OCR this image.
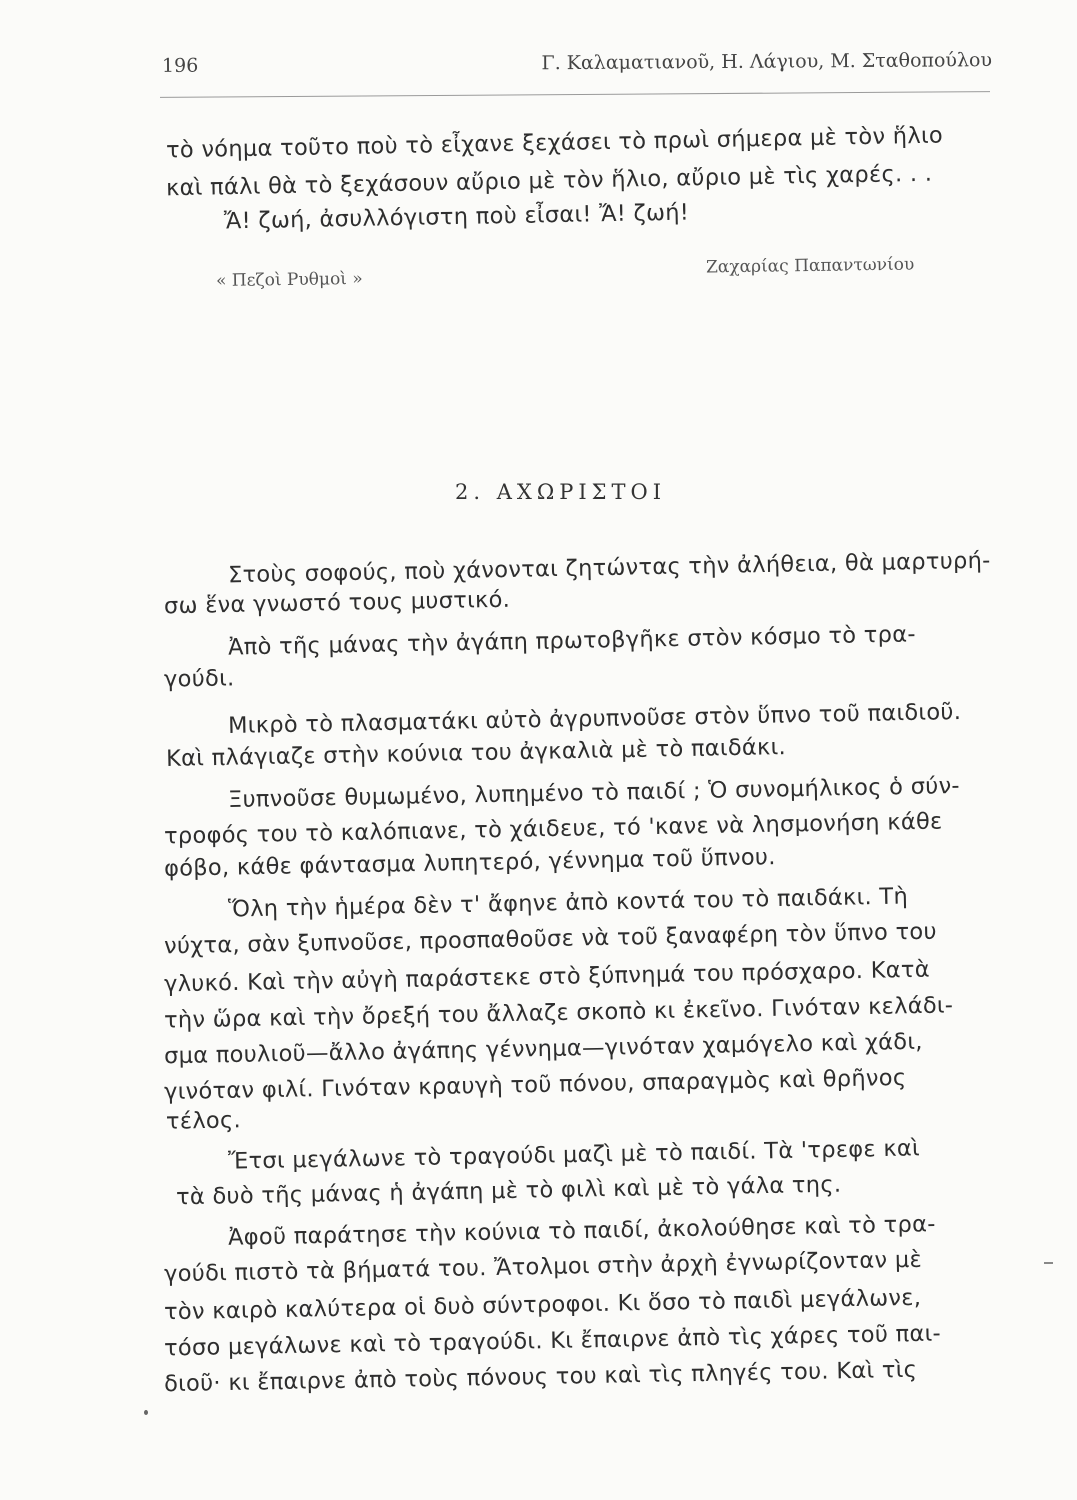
196	Γ. Καλαματιανοῦ, Η. Λάγιου, Μ. Σταθοπούλου
τὸ νόημα τοῦτο ποὺ τὸ εἶχανε ξεχάσει τὸ πρωὶ σήμερα μὲ τὸν ἥλιο
καὶ πάλι θὰ τὸ ξεχάσουν αὔριο μὲ τὸν ἥλιο, αὔριο μὲ τὶς χαρές. . .
Ἄ! ζωή, ἀσυλλόγιστη ποὺ εἶσαι! Ἄ! ζωή!
« Πεζοὶ Ρυθμοὶ »
Ζαχαρίας Παπαντωνίου
2. ΑΧΩΡΙΣΤΟΙ
Στοὺς σοφούς, ποὺ χάνονται ζητώντας τὴν ἀλήθεια, θὰ μαρτυρή-
σω ἕνα γνωστό τους μυστικό.
Ἀπὸ τῆς μάνας τὴν ἀγάπη πρωτοβγῆκε στὸν κόσμο τὸ τρα-
γούδι.
Μικρὸ τὸ πλασματάκι αὐτὸ ἀγρυπνοῦσε στὸν ὕπνο τοῦ παιδιοῦ.
Καὶ πλάγιαζε στὴν κούνια του ἀγκαλιὰ μὲ τὸ παιδάκι.
Ξυπνοῦσε θυμωμένο, λυπημένο τὸ παιδί ; Ὁ συνομήλικος ὁ σύν-
τροφός του τὸ καλόπιανε, τὸ χάιδευε, τό 'κανε νὰ λησμονήση κάθε
φόβο, κάθε φάντασμα λυπητερό, γέννημα τοῦ ὕπνου.
Ὅλη τὴν ἡμέρα δὲν τ' ἄφηνε ἀπὸ κοντά του τὸ παιδάκι. Τὴ
νύχτα, σὰν ξυπνοῦσε, προσπαθοῦσε νὰ τοῦ ξαναφέρη τὸν ὕπνο του
γλυκό. Καὶ τὴν αὐγὴ παράστεκε στὸ ξύπνημά του πρόσχαρο. Κατὰ
τὴν ὥρα καὶ τὴν ὄρεξή του ἄλλαζε σκοπὸ κι ἐκεῖνο. Γινόταν κελάδι-
σμα πουλιοῦ—ἄλλο ἀγάπης γέννημα—γινόταν χαμόγελο καὶ χάδι,
γινόταν φιλί. Γινόταν κραυγὴ τοῦ πόνου, σπαραγμὸς καὶ θρῆνος
τέλος.
Ἔτσι μεγάλωνε τὸ τραγούδι μαζὶ μὲ τὸ παιδί. Τὰ 'τρεφε καὶ
τὰ δυὸ τῆς μάνας ἡ ἀγάπη μὲ τὸ φιλὶ καὶ μὲ τὸ γάλα της.
Ἀφοῦ παράτησε τὴν κούνια τὸ παιδί, ἀκολούθησε καὶ τὸ τρα-
γούδι πιστὸ τὰ βήματά του. Ἄτολμοι στὴν ἀρχὴ ἐγνωρίζονταν μὲ
τὸν καιρὸ καλύτερα οἱ δυὸ σύντροφοι. Κι ὅσο τὸ παιδὶ μεγάλωνε,
τόσο μεγάλωνε καὶ τὸ τραγούδι. Κι ἔπαιρνε ἀπὸ τὶς χάρες τοῦ παι-
διοῦ· κι ἔπαιρνε ἀπὸ τοὺς πόνους του καὶ τὶς πληγές του. Καὶ τὶς
